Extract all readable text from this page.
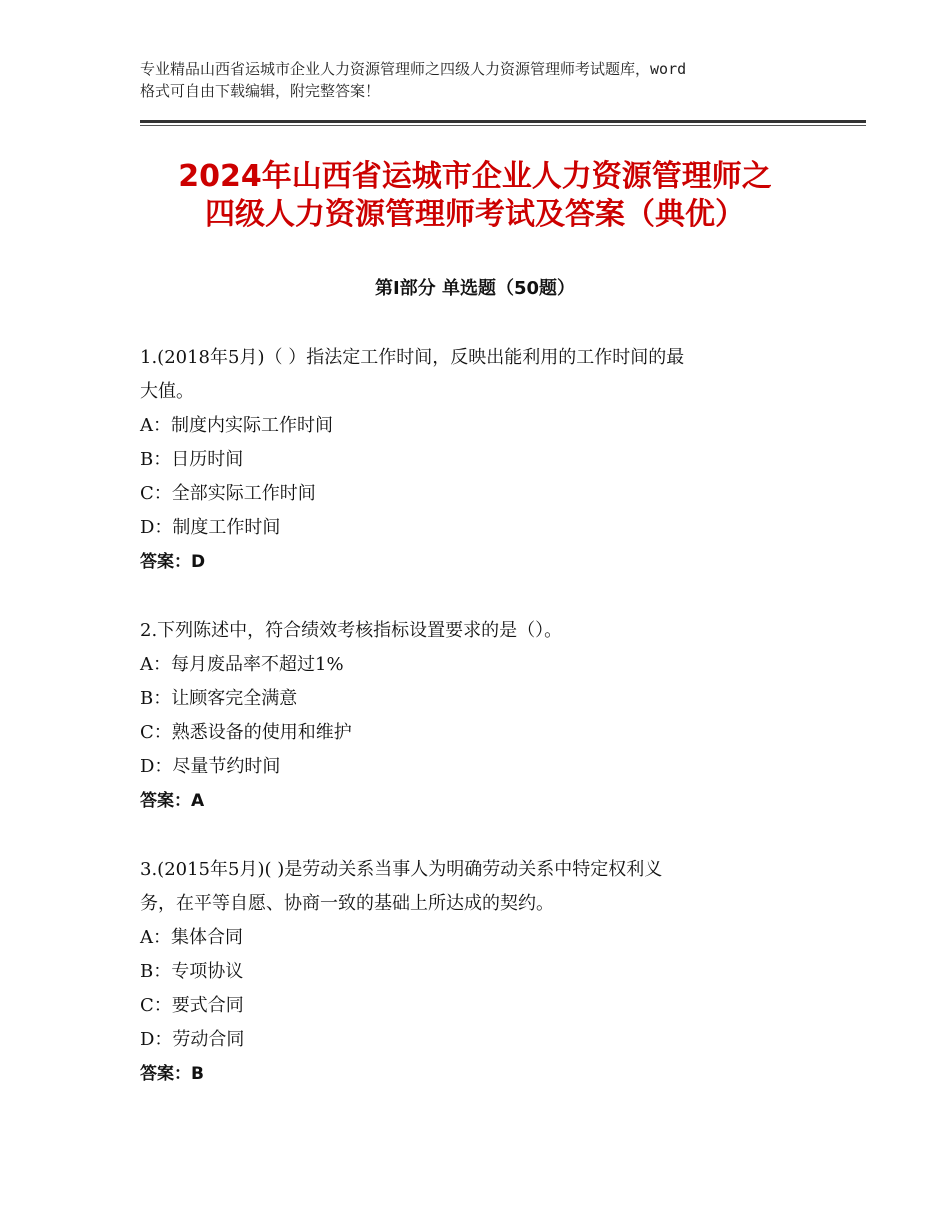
专业精品山西省运城市企业人力资源管理师之四级人力资源管理师考试题库，word
格式可自由下载编辑，附完整答案！
2024年山西省运城市企业人力资源管理师之
四级人力资源管理师考试及答案（典优）
第Ⅰ部分 单选题（50题）
1.(2018年5月)（ ）指法定工作时间，反映出能利用的工作时间的最
大值。
A：制度内实际工作时间
B：日历时间
C：全部实际工作时间
D：制度工作时间
答案：D
2.下列陈述中，符合绩效考核指标设置要求的是（）。
A：每月废品率不超过1%
B：让顾客完全满意
C：熟悉设备的使用和维护
D：尽量节约时间
答案：A
3.(2015年5月)( )是劳动关系当事人为明确劳动关系中特定权利义
务，在平等自愿、协商一致的基础上所达成的契约。
A：集体合同
B：专项协议
C：要式合同
D：劳动合同
答案：B
